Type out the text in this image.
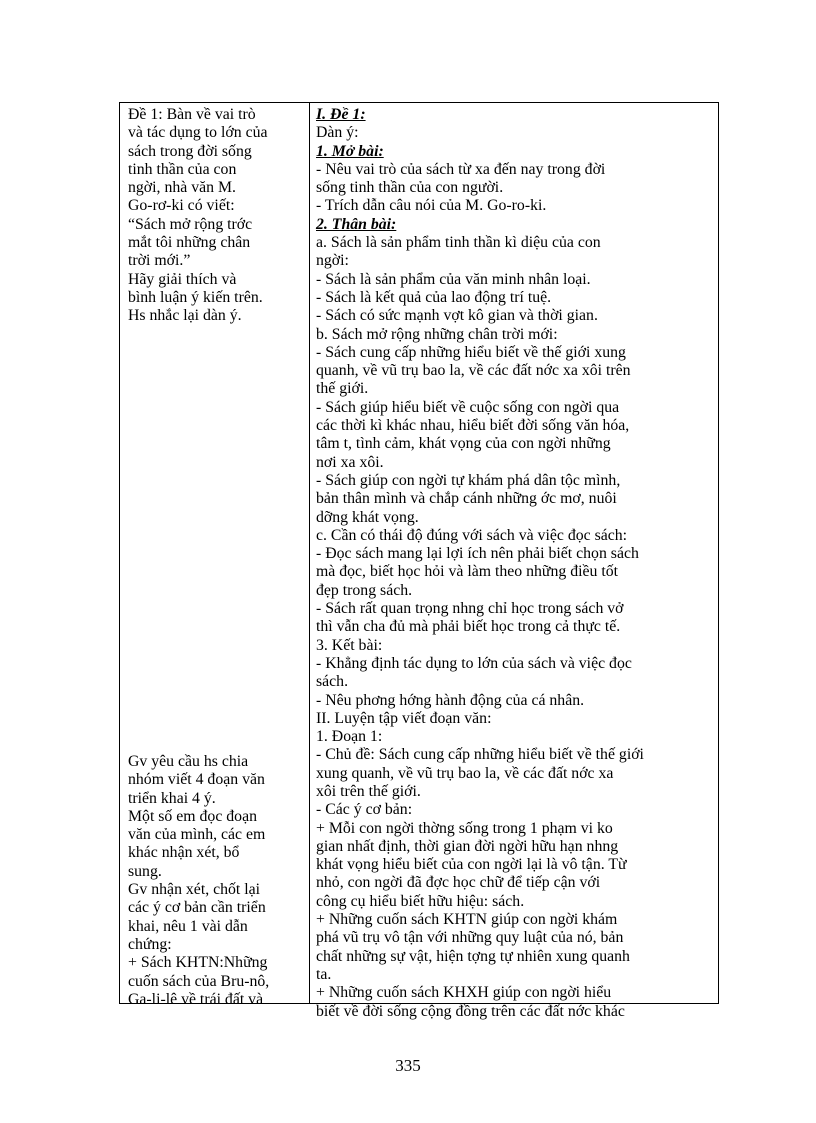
Đề 1: Bàn về vai trò

và tác dụng to lớn của

sách trong đời sống

tinh thần của con

ngời, nhà văn M.

Go-rơ-ki có viết:

“Sách mở rộng trớc

mắt tôi những chân

trời mới.”

Hãy giải thích và

bình luận ý kiến trên.

Hs nhắc lại dàn ý.

Gv yêu cầu hs chia

nhóm viết 4 đoạn văn

triển khai 4 ý.

Một số em đọc đoạn

văn của mình, các em

khác nhận xét, bổ

sung.

Gv nhận xét, chốt lại

các ý cơ bản cần triển

khai, nêu 1 vài dẫn

chứng:

+ Sách KHTN:Những

cuốn sách của Bru-nô,

Ga-li-lê về trái đất và

I. Đề 1:

Dàn ý:

1. Mở bài:

- Nêu vai trò của sách từ xa đến nay trong đời

sống tinh thần của con người.

- Trích dẫn câu nói của M. Go-ro-ki.

2. Thân bài:

a. Sách là sản phẩm tinh thần kì diệu của con

ngời:

- Sách là sản phẩm của văn minh nhân loại.

- Sách là kết quả của lao động trí tuệ.

- Sách có sức mạnh vợt kô gian và thời gian.

b. Sách mở rộng những chân trời mới:

- Sách cung cấp những hiểu biết về thế giới xung

quanh, về vũ trụ bao la, về các đất nớc xa xôi trên

thế giới.

- Sách giúp hiểu biết về cuộc sống con ngời qua

các thời kì khác nhau, hiểu biết đời sống văn hóa,

tâm t, tình cảm, khát vọng của con ngời những

nơi xa xôi.

- Sách giúp con ngời tự khám phá dân tộc mình,

bản thân mình và chắp cánh những ớc mơ, nuôi

dỡng khát vọng.

c. Cần có thái độ đúng với sách và việc đọc sách:

- Đọc sách mang lại lợi ích nên phải biết chọn sách

mà đọc, biết học hỏi và làm theo những điều tốt

đẹp trong sách.

- Sách rất quan trọng nhng chỉ học trong sách vở

thì vẫn cha đủ mà phải biết học trong cả thực tế.

3. Kết bài:

- Khẳng định tác dụng to lớn của sách và việc đọc

sách.

- Nêu phơng hớng hành động của cá nhân.

II. Luyện tập viết đoạn văn:

1. Đoạn 1:

- Chủ đề: Sách cung cấp những hiểu biết về thế giới

xung quanh, về vũ trụ bao la, về các đất nớc xa

xôi trên thế giới.

- Các ý cơ bản:

+ Mỗi con ngời thờng sống trong 1 phạm vi ko

gian nhất định, thời gian đời ngời hữu hạn nhng

khát vọng hiểu biết của con ngời lại là vô tận. Từ

nhỏ, con ngời đã đợc học chữ để tiếp cận với

công cụ hiểu biết hữu hiệu: sách.

+ Những cuốn sách KHTN giúp con ngời khám

phá vũ trụ vô tận với những quy luật của nó, bản

chất những sự vật, hiện tợng tự nhiên xung quanh

ta.

+ Những cuốn sách KHXH giúp con ngời hiểu

biết về đời sống cộng đồng trên các đất nớc khác

335
